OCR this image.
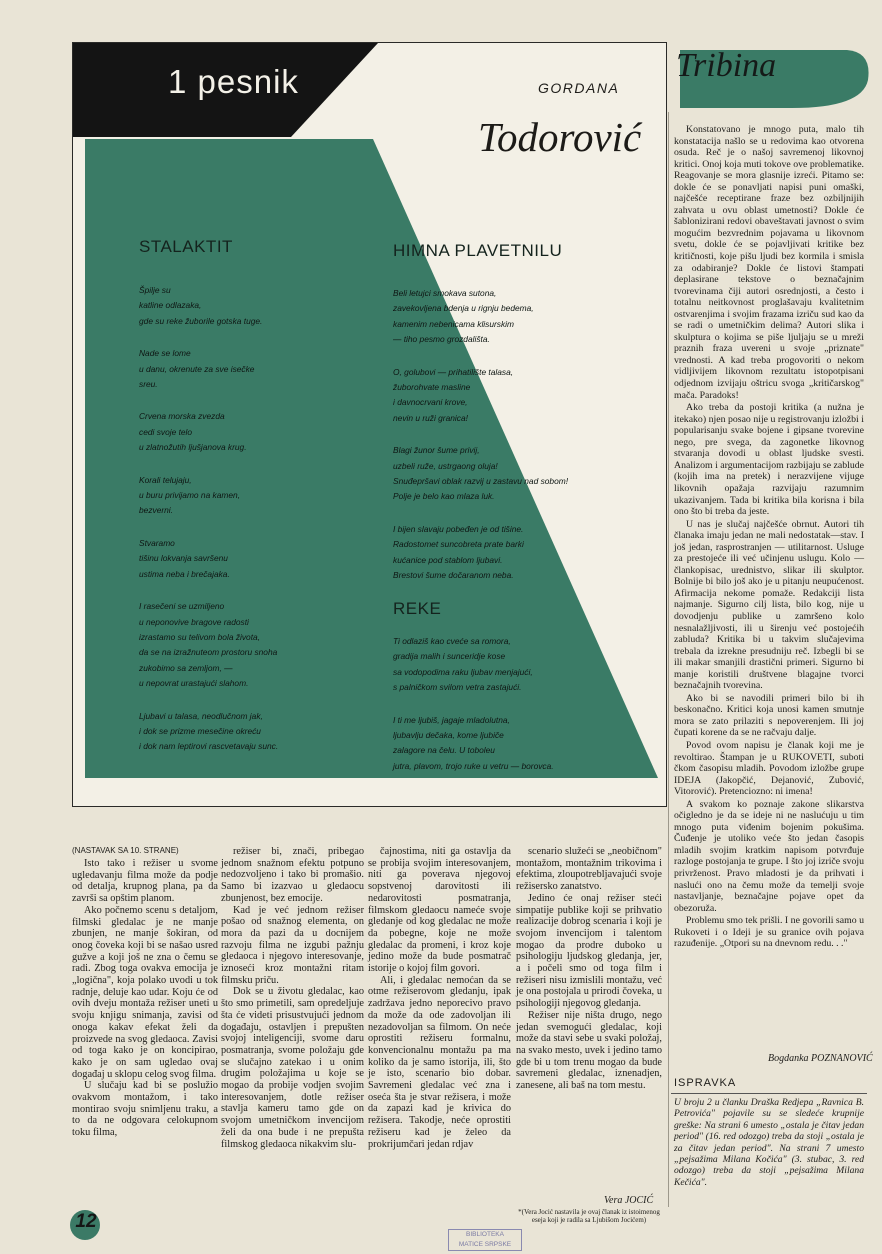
1 pesnik	GORDANA
Todorović
STALAKTIT
Špilje su
katline odlazaka,
gde su reke žuborile gotska tuge.
Nade se lome
u danu, okrenute za sve isečke
sreu.
Crvena morska zvezda
cedi svoje telo
u zlatnožutih ljušjanova krug.
Korali telujaju,
u buru privijamo na kamen,
bezverni.
Stvaramo
tišinu lokvanja savršenu
ustima neba i brečajaka.
I rasečeni se uzmiljeno
u neponovive bragove radosti
izrastamo su telivom bola života,
da se na izražnuteom prostoru snoha
zukobimo sa zemljom, —
u nepovrat urastajući slahom.
Ljubavi u talasa, neodlučnom jak,
i dok se prizme mesečine okreću
i dok nam leptirovi rascvetavaju sunc.
HIMNA PLAVETNILU
Beli letujci smokava sutona,
zavekovljena bdenja u rignju bedema,
kamenim nebenicama klisurskim
— tiho pesmo grozdališta.
O, golubovi — prihatilište talasa,
žuborohvate masline
i davnocrvani krove,
nevin u ruži granica!
Blagi žunor šume privij,
uzbeli ruže, ustrgaong oluja!
Snuđepršavi oblak razvij u zastavu nad sobom!
Polje je belo kao mlaza luk.
I bijen slavaju pobeđen je od tišine.
Radostomet suncobreta prate barki
kućanice pod stablom ljubavi.
Brestovi šume dočaranom neba.
REKE
Ti odlaziš kao cveće sa romora,
gradija malih i sunceridje kose
sa vodopodima raku ljubav menjajući,
s palničkom svilom vetra zastajući.
I ti me ljubiš, jagaje mladolutna,
ljubavlju dečaka, kome ljubiče
zalagore na čelu. U toboleu
jutra, plavom, trojo ruke u vetru — borovca.
Tribina

Konstatovano je mnogo puta, malo tih konstatacija našlo se u redovima kao otvorena osuda. Reč je o našoj savremenoj likovnoj kritici. Onoj koja muti tokove ove problematike. Reagovanje se mora glasnije izreći. Pitamo se: dokle će se ponavljati napisi puni omaški, najčešće receptirane fraze bez ozbiljnijih zahvata u ovu oblast umetnosti? Dokle će šablonizirani redovi obaveštavati javnost o svim mogućim bezvrednim pojavama u likovnom svetu, dokle će se pojavljivati kritike bez kritičnosti, koje pišu ljudi bez kormila i smisla za odabiranje? Dokle će listovi štampati deplasirane tekstove o beznačajnim tvorevinama čiji autori osrednjosti, a često i totalnu neitkovnost proglašavaju kvalitetnim ostvarenjima i svojim frazama izriču sud kao da se radi o umetničkim delima? Autori slika i skulptura o kojima se piše ljuljaju se u mreži praznih fraza uvereni u svoje „priznate" vrednosti. A kad treba progovoriti o nekom vidljivijem likovnom rezultatu istopotpisani odjednom izvijaju oštricu svoga „kritičarskog" mača. Paradoks!

Ako treba da postoji kritika (a nužna je itekako) njen posao nije u registrovanju izložbi i popularisanju svake bojene i gipsane tvorevine nego, pre svega, da zagonetke likovnog stvaranja dovodi u oblast ljudske svesti. Analizom i argumentacijom razbijaju se zablude (kojih ima na pretek) i nerazvijene vijuge likovnih opažaja razvijaju razumnim ukazivanjem. Tada bi kritika bila korisna i bila ono što bi treba da jeste.

U nas je slučaj najčešće obrnut. Autori tih članaka imaju jedan ne mali nedostatak—stav. I još jedan, rasprostranjen — utilitarnost. Usluge za prestojeće ili već učinjenu uslugu. Kolo — člankopisac, urednistvo, slikar ili skulptor. Bolnije bi bilo još ako je u pitanju neupućenost. Afirmacija nekome pomaže. Redakciji lista najmanje. Sigurno cilj lista, bilo kog, nije u dovodjenju publike u zamršeno kolo nesnalažljivosti, ili u širenju već postojećih zabluda? Kritika bi u takvim slučajevima trebala da izrekne presudniju reč. Izbegli bi se ili makar smanjili drastični primeri. Sigurno bi manje koristili društvene blagajne tvorci beznačajnih tvorevina.

Ako bi se navodili primeri bilo bi ih beskonačno. Kritici koja unosi kamen smutnje mora se zato prilaziti s nepoverenjem. Ili joj čupati korene da se ne račvaju dalje.

Povod ovom napisu je članak koji me je revoltirao. Štampan je u RUKOVETI, suboti čkom časopisu mladih. Povodom izložbe grupe IDEJA (Jakopčić, Dejanović, Zubović, Vitorović). Pretenciozno: ni imena!

A svakom ko poznaje zakone slikarstva očigledno je da se ideje ni ne naslućuju u tim mnogo puta viđenim bojenim pokušima. Čuđenje je utoliko veće što jedan časopis mladih svojim kratkim napisom potvrđuje razloge postojanja te grupe. I što joj izriče svoju privrženost. Pravo mladosti je da prihvati i naslući ono na čemu može da temelji svoje nastavljanje, beznačajne pojave opet da obezoruža.

Problemu smo tek prišli. I ne govorili samo u Rukoveti i o Ideji je su granice ovih pojava razuđenije. „Otpori su na dnevnom redu. . ."

Bogdanka POZNANOVIĆ
ISPRAVKA
U broju 2 u članku Draška Redjepa „Ravnica B. Petrovića" pojavile su se sledeće krupnije greške: Na strani 6 umesto „ostala je čitav jedan period" (16. red odozgo) treba da stoji „ostala je za čitav jedan period". Na strani 7 umesto „pejsažima Milana Kočića" (3. stubac, 3. red odozgo) treba da stoji „pejsažima Milana Kečića".
(NASTAVAK SA 10. STRANE)

Isto tako i režiser u svome ugledavanju filma može da podje od detalja, krupnog plana, pa da završi sa opštim planom.

Ako počnemo scenu s detaljom, filmski gledalac je ne manje zbunjen, ne manje šokiran, od onog čoveka koji bi se našao usred gužve a koji još ne zna o čemu se radi. Zbog toga ovakva emocija je „logična", koja polako uvodi u tok radnje, deluje kao udar. Koju će od ovih dveju montaža režiser uneti u svoju knjigu snimanja, zavisi od onoga kakav efekat želi da proizvede na svog gledaoca. Zavisi od toga kako je on koncipirao, kako je on sam ugledao ovaj događaj u sklopu celog svog filma.

U slučaju kad bi se poslužio ovakvom montažom, i tako montirao svoju snimljenu traku, a to da ne odgovara celokupnom toku filma,

režiser bi, znači, pribegao jednom snažnom efektu potpuno nedozvoljeno i tako bi promašio. Samo bi izazvao u gledaocu zbunjenost, bez emocije.

Kad je već jednom režiser pošao od snažnog elementa, on mora da pazi da u docnijem razvoju filma ne izgubi pažnju gledaoca i njegovo interesovanje, iznoseći kroz montažni ritam filmsku priču.

Dok se u životu gledalac, kao što smo primetili, sam opredeljuje šta će videti prisustvujući jednom događaju, ostavljen i prepušten svojoj inteligenciji, svome daru posmatranja, svome položaju gde se slučajno zatekao i u onim drugim položajima u koje se mogao da probije vodjen svojim interesovanjem, dotle režiser stavlja kameru tamo gde on svojom umetničkom invencijom želi da ona bude i ne prepušta filmskog gledaoca nikakvim slu-

čajnostima, niti ga ostavlja da se probija svojim interesovanjem, niti ga poverava njegovoj sopstvenoj darovitosti ili nedarovitosti posmatranja, filmskom gledaocu nameće svoje gledanje od kog gledalac ne može da pobegne, koje ne može gledalac da promeni, i kroz koje jedino može da bude posmatrač istorije o kojoj film govori.

Ali, i gledalac nemoćan da se otme režiserovom gledanju, ipak zadržava jedno neporecivo pravo da može da ode zadovoljan ili nezadovoljan sa filmom. On neće oprostiti režiseru formalnu, konvencionalnu montažu pa ma koliko da je samo istorija, ili, što je isto, scenario bio dobar. Savremeni gledalac već zna i oseća šta je stvar režisera, i može da zapazi kad je krivica do režisera. Takodje, neće oprostiti režiseru kad je želeo da prokrijumčari jedan rdjav

scenario služeći se „neobičnom" montažom, montažnim trikovima i efektima, zloupotrebljavajući svoje režisersko zanatstvo.

Jedino će onaj režiser steći simpatije publike koji se prihvatio realizacije dobrog scenaria i koji je svojom invencijom i talentom mogao da prodre duboko u psihologiju ljudskog gledanja, jer, a i počeli smo od toga film i režiseri nisu izmislili montažu, već je ona postojala u prirodi čoveka, u psihologiji njegovog gledanja.

Režiser nije ništa drugo, nego jedan svemogući gledalac, koji može da stavi sebe u svaki položaj, na svako mesto, uvek i jedino tamo gde bi u tom trenu mogao da bude savremeni gledalac, iznenadjen, zanesene, ali baš na tom mestu.

Vera JOCIĆ
*(Vera Jocić nastavila je ovaj članak iz istoimenog eseja koji je radila sa Ljubišom Jocićem)
12
BIBLIOTEKA
MATICE SRPSKE
